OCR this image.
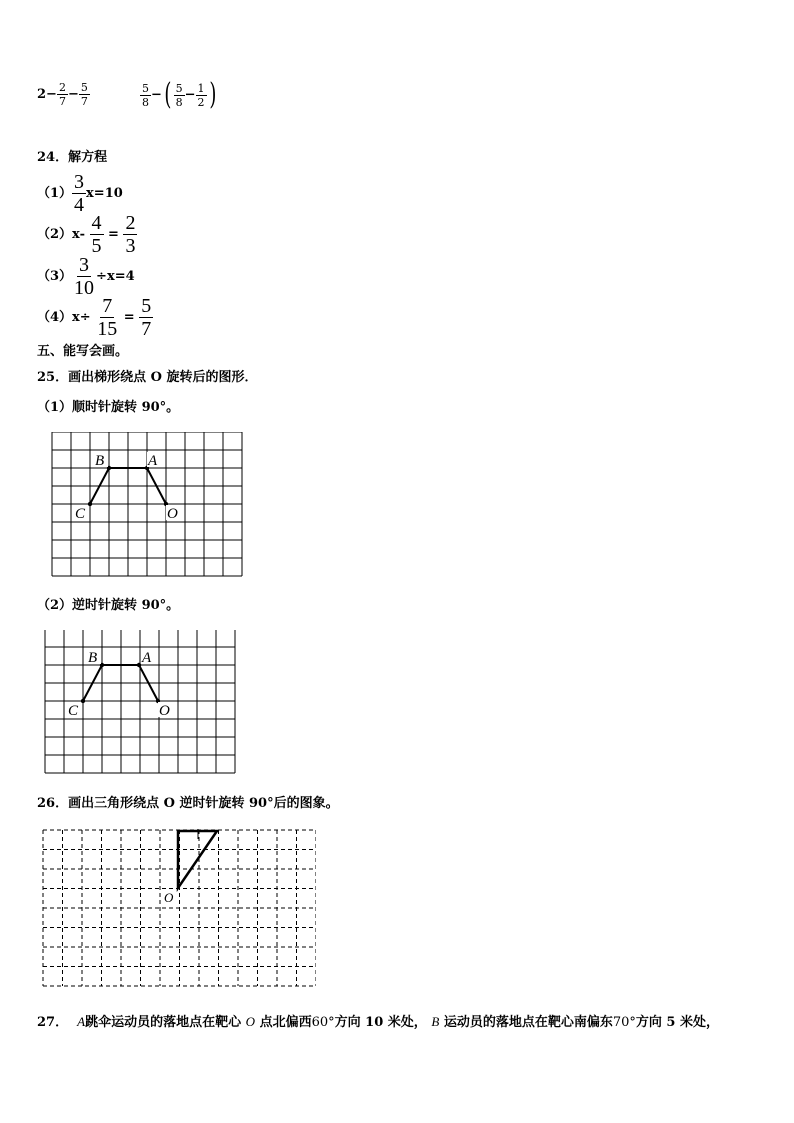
$2- \frac{2}{7} - \frac{5}{7}$	$\frac{5}{8}$ −( $\frac{5}{8} - \frac{1}{2}$ )
24．解方程
$(1) \frac{3}{4} x=10$
$(2)x- \frac{4}{5} = \frac{2}{3}$
$(3) \frac{3}{10} \div x=4$
$(4)x\div \frac{7}{15} = \frac{5}{7}$
五、能写会画。
25．画出梯形绕点 O 旋转后的图形．
（1）顺时针旋转 90°。
B	A
C	O
（2）逆时针旋转 90°。
B	A
C	O
26．画出三角形绕点 O 逆时针旋转 90°后的图象。
O
27． A跳伞运动员的落地点在靶心 O 点北偏西60°方向 10 米处， B 运动员的落地点在靶心南偏东70°方向 5 米处，
